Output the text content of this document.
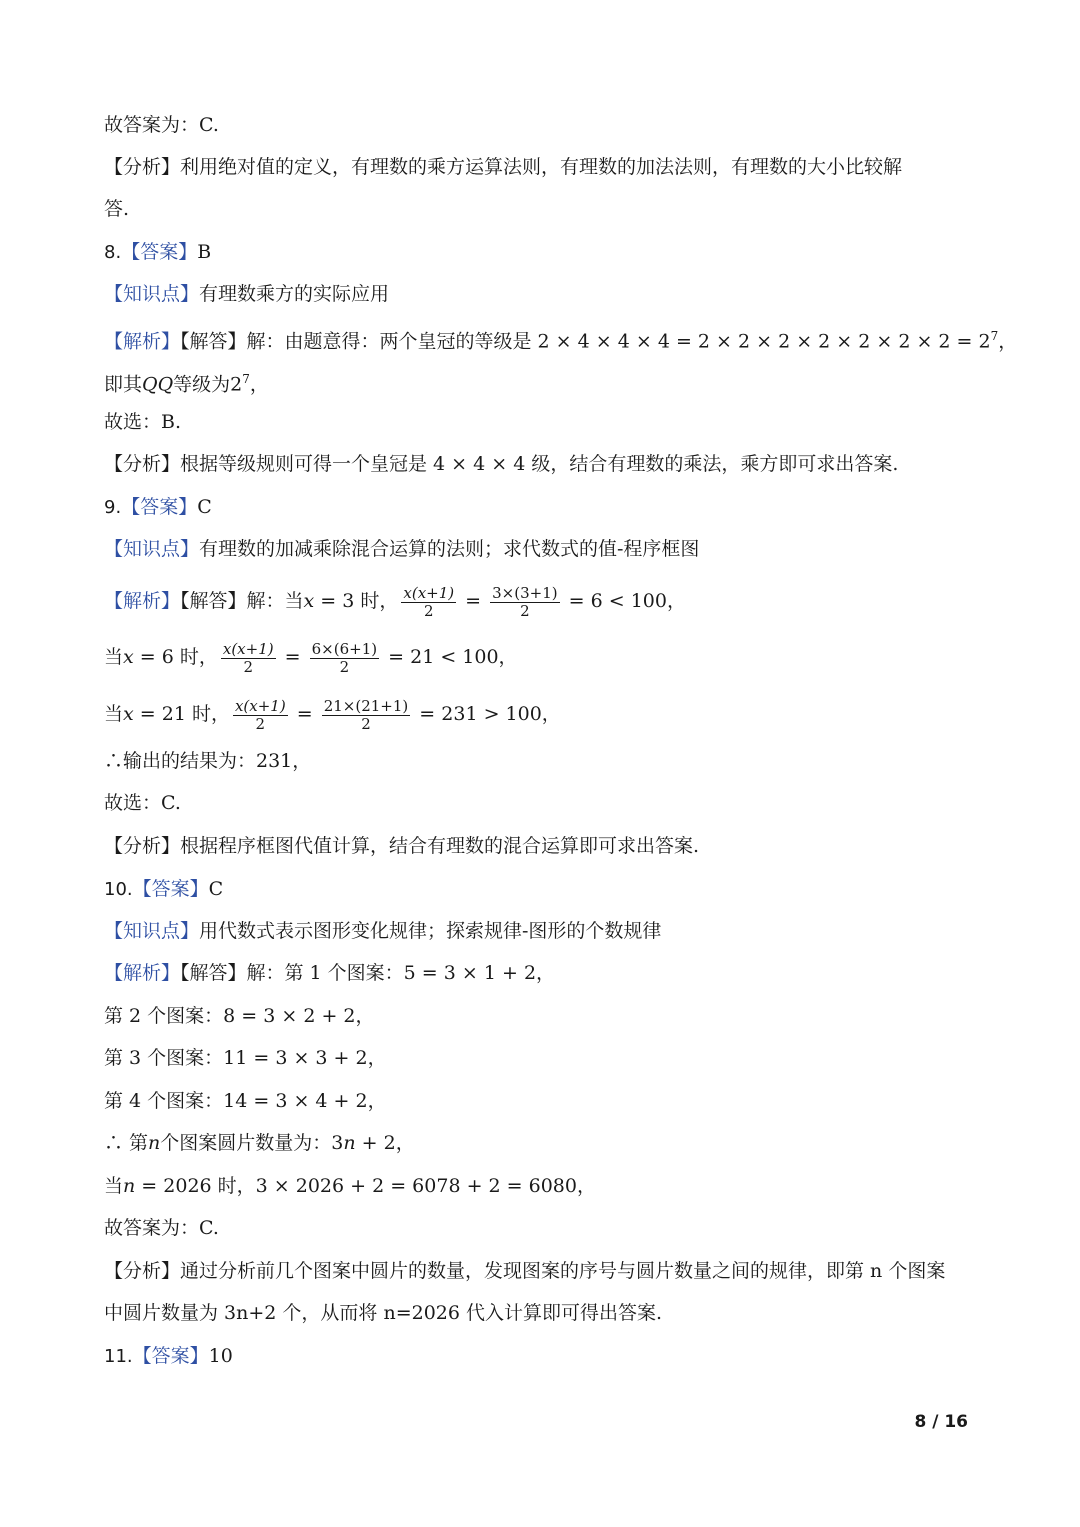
故答案为：C.
【分析】利用绝对值的定义，有理数的乘方运算法则，有理数的加法法则，有理数的大小比较解
答.
8.【答案】B
【知识点】有理数乘方的实际应用
【解析】【解答】解：由题意得：两个皇冠的等级是 $2 \times 4 \times 4 \times 4 = 2 \times 2 \times 2 \times 2 \times 2 \times 2 \times 2 = 2^7$，
即其QQ等级为$2^7$，
故选：B.
【分析】根据等级规则可得一个皇冠是 4 × 4 × 4 级，结合有理数的乘法，乘方即可求出答案.
9.【答案】C
【知识点】有理数的加减乘除混合运算的法则；求代数式的值-程序框图
【解析】【解答】解：当x = 3 时， $\frac{x(x+1)}{2} = \frac{3\times(3+1)}{2} = 6 < 100$，
当x = 6 时， $\frac{x(x+1)}{2} = \frac{6\times(6+1)}{2} = 21 < 100$，
当x = 21 时， $\frac{x(x+1)}{2} = \frac{21\times(21+1)}{2} = 231 > 100$，
∴输出的结果为：231，
故选：C.
【分析】根据程序框图代值计算，结合有理数的混合运算即可求出答案.
10.【答案】C
【知识点】用代数式表示图形变化规律；探索规律-图形的个数规律
【解析】【解答】解：第 1 个图案：5 = 3 × 1 + 2，
第 2 个图案：8 = 3 × 2 + 2，
第 3 个图案：11 = 3 × 3 + 2，
第 4 个图案：14 = 3 × 4 + 2，
∴ 第n个图案圆片数量为：3n + 2，
当n = 2026 时，3 × 2026 + 2 = 6078 + 2 = 6080，
故答案为：C.
【分析】通过分析前几个图案中圆片的数量，发现图案的序号与圆片数量之间的规律，即第 n 个图案
中圆片数量为 3n+2 个，从而将 n=2026 代入计算即可得出答案.
11.【答案】10
8 / 16
